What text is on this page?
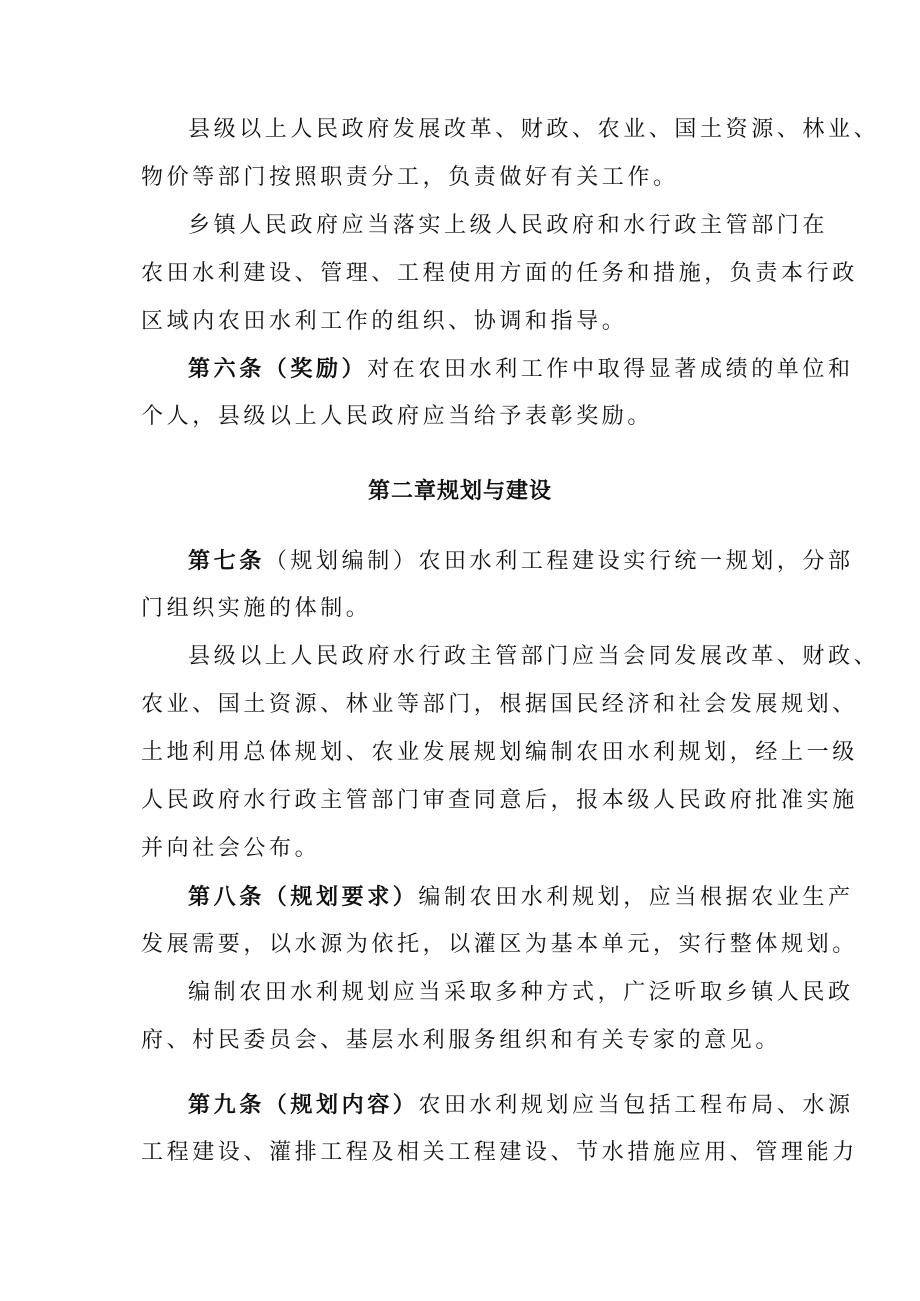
县级以上人民政府发展改革、财政、农业、国土资源、林业、
物价等部门按照职责分工，负责做好有关工作。
乡镇人民政府应当落实上级人民政府和水行政主管部门在
农田水利建设、管理、工程使用方面的任务和措施，负责本行政
区域内农田水利工作的组织、协调和指导。
第六条（奖励）对在农田水利工作中取得显著成绩的单位和
个人，县级以上人民政府应当给予表彰奖励。
第二章规划与建设
第七条（规划编制）农田水利工程建设实行统一规划，分部
门组织实施的体制。
县级以上人民政府水行政主管部门应当会同发展改革、财政、
农业、国土资源、林业等部门，根据国民经济和社会发展规划、
土地利用总体规划、农业发展规划编制农田水利规划，经上一级
人民政府水行政主管部门审查同意后，报本级人民政府批准实施
并向社会公布。
第八条（规划要求）编制农田水利规划，应当根据农业生产
发展需要，以水源为依托，以灌区为基本单元，实行整体规划。
编制农田水利规划应当采取多种方式，广泛听取乡镇人民政
府、村民委员会、基层水利服务组织和有关专家的意见。
第九条（规划内容）农田水利规划应当包括工程布局、水源
工程建设、灌排工程及相关工程建设、节水措施应用、管理能力
